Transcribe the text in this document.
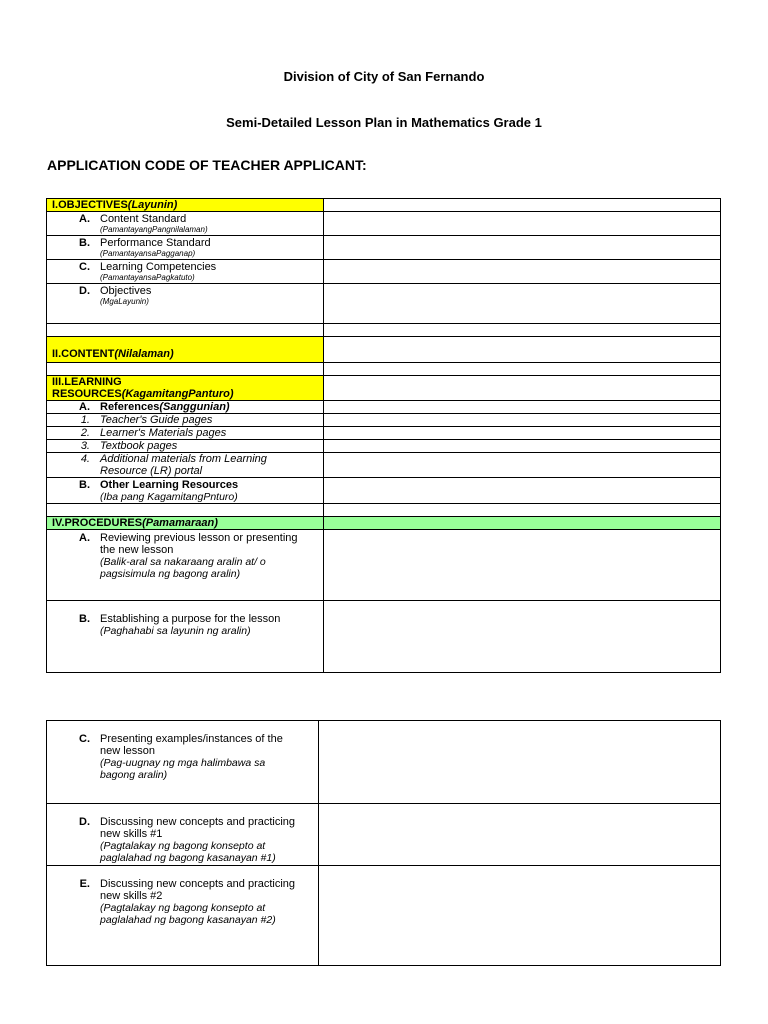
Division of City of San Fernando
Semi-Detailed Lesson Plan in Mathematics Grade 1
APPLICATION CODE OF TEACHER APPLICANT:
I.OBJECTIVES(Layunin)	

A. Content Standard
(PamantayangPangnilalaman)	

B. Performance Standard
(PamantayansaPagganap)	

C. Learning Competencies
(PamantayansaPagkatuto)	

D. Objectives
(MgaLayunin)	

II.CONTENT(Nilalaman)	

III.LEARNING
RESOURCES(KagamitangPanturo)	

A. References(Sanggunian)	

1. Teacher's Guide pages	

2. Learner's Materials pages	

3. Textbook pages	

4. Additional materials from Learning Resource (LR) portal	

B. Other Learning Resources
(Iba pang KagamitangPnturo)	

IV.PROCEDURES(Pamamaraan)	

A. Reviewing previous lesson or presenting the new lesson
(Balik-aral sa nakaraang aralin at/ o pagsisimula ng bagong aralin)	

B. Establishing a purpose for the lesson
(Paghahabi sa layunin ng aralin)	

C. Presenting examples/instances of the new lesson
(Pag-uugnay ng mga halimbawa sa bagong aralin)	

D. Discussing new concepts and practicing new skills #1
(Pagtalakay ng bagong konsepto at paglalahad ng bagong kasanayan #1)	

E. Discussing new concepts and practicing new skills #2
(Pagtalakay ng bagong konsepto at paglalahad ng bagong kasanayan #2)	
